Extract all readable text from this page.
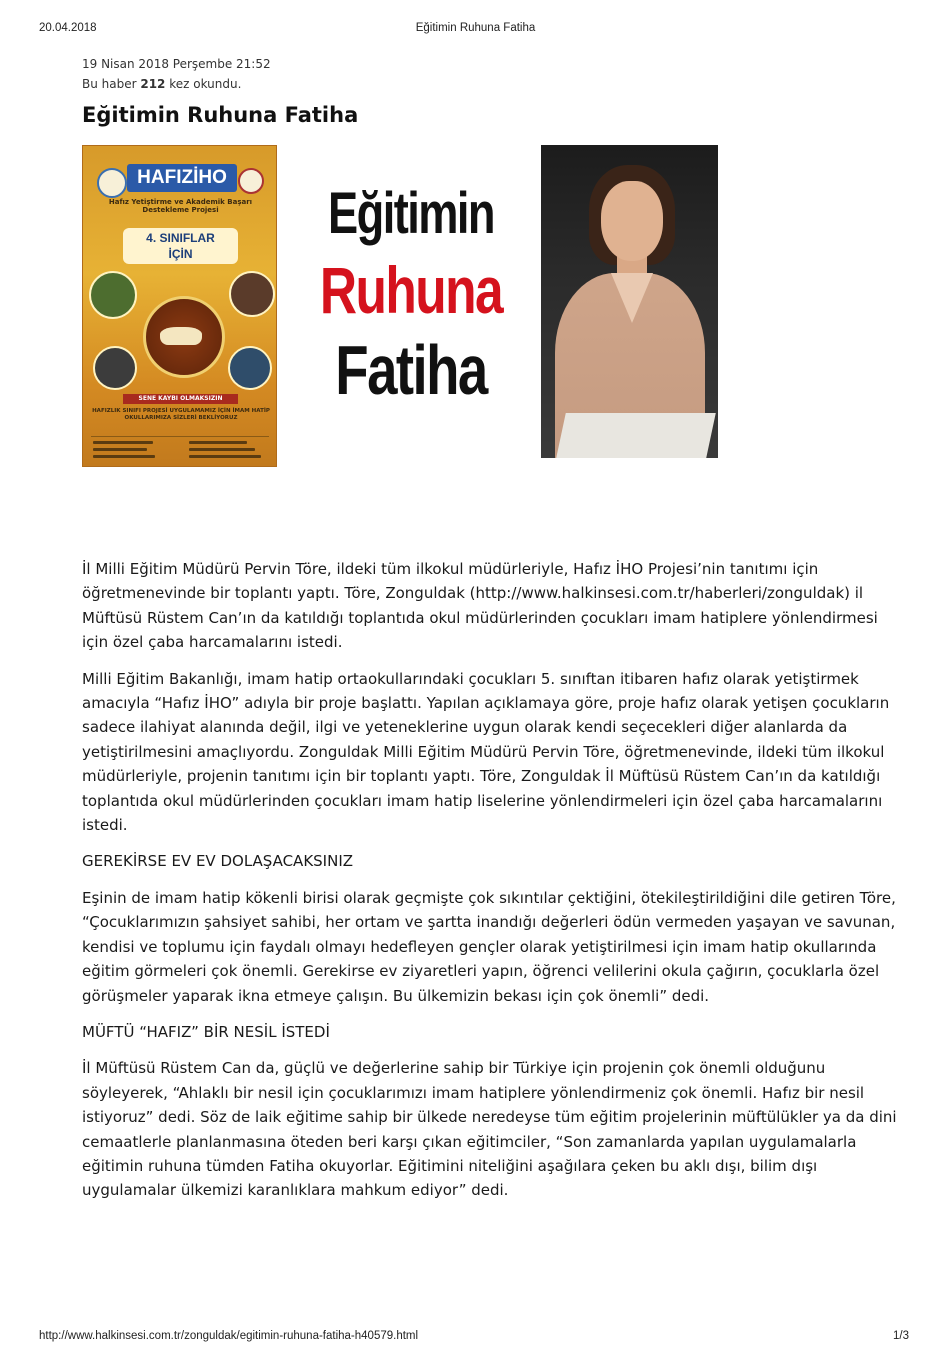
20.04.2018	Eğitimin Ruhuna Fatiha
19 Nisan 2018 Perşembe 21:52
Bu haber 212 kez okundu.
Eğitimin Ruhuna Fatiha
HAFIZİHO
Hafız Yetiştirme ve Akademik Başarı Destekleme Projesi
4. SINIFLAR
İÇİN
SENE KAYBI OLMAKSIZIN
HAFIZLIK SINIFI PROJESİ UYGULAMAMIZ İÇİN İMAM HATİP OKULLARIMIZA SİZLERİ BEKLİYORUZ
Eğitimin
Ruhuna
Fatiha

İl Milli Eğitim Müdürü Pervin Töre, ildeki tüm ilkokul müdürleriyle, Hafız İHO Projesi’nin tanıtımı için öğretmenevinde bir toplantı yaptı. Töre, Zonguldak (http://www.halkinsesi.com.tr/haberleri/zonguldak) il Müftüsü Rüstem Can’ın da katıldığı toplantıda okul müdürlerinden çocukları imam hatiplere yönlendirmesi için özel çaba harcamalarını istedi.

Milli Eğitim Bakanlığı, imam hatip ortaokullarındaki çocukları 5. sınıftan itibaren hafız olarak yetiştirmek amacıyla “Hafız İHO” adıyla bir proje başlattı. Yapılan açıklamaya göre, proje hafız olarak yetişen çocukların sadece ilahiyat alanında değil, ilgi ve yeteneklerine uygun olarak kendi seçecekleri diğer alanlarda da yetiştirilmesini amaçlıyordu. Zonguldak Milli Eğitim Müdürü Pervin Töre, öğretmenevinde, ildeki tüm ilkokul müdürleriyle, projenin tanıtımı için bir toplantı yaptı. Töre, Zonguldak İl Müftüsü Rüstem Can’ın da katıldığı toplantıda okul müdürlerinden çocukları imam hatip liselerine yönlendirmeleri için özel çaba harcamalarını istedi.

GEREKİRSE EV EV DOLAŞACAKSINIZ

Eşinin de imam hatip kökenli birisi olarak geçmişte çok sıkıntılar çektiğini, ötekileştirildiğini dile getiren Töre, “Çocuklarımızın şahsiyet sahibi, her ortam ve şartta inandığı değerleri ödün vermeden yaşayan ve savunan, kendisi ve toplumu için faydalı olmayı hedefleyen gençler olarak yetiştirilmesi için imam hatip okullarında eğitim görmeleri çok önemli. Gerekirse ev ziyaretleri yapın, öğrenci velilerini okula çağırın, çocuklarla özel görüşmeler yaparak ikna etmeye çalışın. Bu ülkemizin bekası için çok önemli” dedi.

MÜFTÜ “HAFIZ” BİR NESİL İSTEDİ

İl Müftüsü Rüstem Can da, güçlü ve değerlerine sahip bir Türkiye için projenin çok önemli olduğunu söyleyerek, “Ahlaklı bir nesil için çocuklarımızı imam hatiplere yönlendirmeniz çok önemli. Hafız bir nesil istiyoruz” dedi. Söz de laik eğitime sahip bir ülkede neredeyse tüm eğitim projelerinin müftülükler ya da dini cemaatlerle planlanmasına öteden beri karşı çıkan eğitimciler, “Son zamanlarda yapılan uygulamalarla eğitimin ruhuna tümden Fatiha okuyorlar. Eğitimini niteliğini aşağılara çeken bu aklı dışı, bilim dışı uygulamalar ülkemizi karanlıklara mahkum ediyor” dedi.

http://www.halkinsesi.com.tr/zonguldak/egitimin-ruhuna-fatiha-h40579.html	1/3
